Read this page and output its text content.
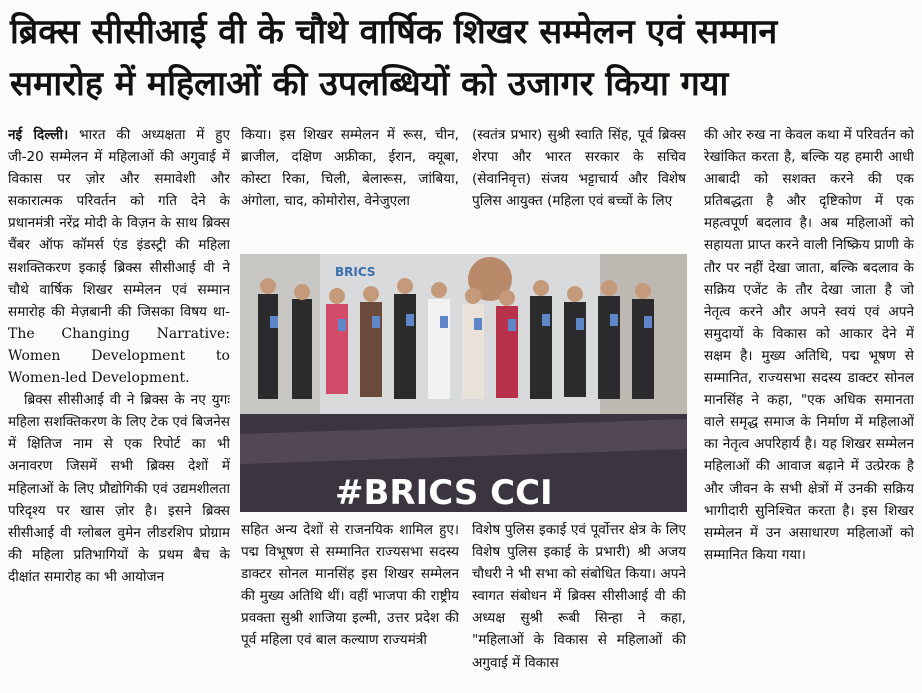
ब्रिक्स सीसीआई वी के चौथे वार्षिक शिखर सम्मेलन एवं सम्मान
समारोह में महिलाओं की उपलब्धियों को उजागर किया गया

नई दिल्ली। भारत की अध्यक्षता में हुए जी-20 सम्मेलन में महिलाओं की अगुवाई में विकास पर ज़ोर और समावेशी और सकारात्मक परिवर्तन को गति देने के प्रधानमंत्री नरेंद्र मोदी के विज़न के साथ ब्रिक्स चैंबर ऑफ कॉमर्स एंड इंडस्ट्री की महिला सशक्तिकरण इकाई ब्रिक्स सीसीआई वी ने चौथे वार्षिक शिखर सम्मेलन एवं सम्मान समारोह की मेज़बानी की जिसका विषय था- The Changing Narrative: Women Development to Women-led Development.

ब्रिक्स सीसीआई वी ने ब्रिक्स के नए युगः महिला सशक्तिकरण के लिए टेक एवं बिजनेस में क्षितिज नाम से एक रिपोर्ट का भी अनावरण जिसमें सभी ब्रिक्स देशों में महिलाओं के लिए प्रौद्योगिकी एवं उद्यमशीलता परिदृश्य पर खास ज़ोर है। इसने ब्रिक्स सीसीआई वी ग्लोबल वुमेन लीडरशिप प्रोग्राम की महिला प्रतिभागियों के प्रथम बैच के दीक्षांत समारोह का भी आयोजन

किया। इस शिखर सम्मेलन में रूस, चीन, ब्राजील, दक्षिण अफ्रीका, ईरान, क्यूबा, कोस्टा रिका, चिली, बेलारूस, जांबिया, अंगोला, चाद, कोमोरोस, वेनेजुएला

(स्वतंत्र प्रभार) सुश्री स्वाति सिंह, पूर्व ब्रिक्स शेरपा और भारत सरकार के सचिव (सेवानिवृत्त) संजय भट्टाचार्य और विशेष पुलिस आयुक्त (महिला एवं बच्चों के लिए

की ओर रुख ना केवल कथा में परिवर्तन को रेखांकित करता है, बल्कि यह हमारी आधी आबादी को सशक्त करने की एक प्रतिबद्धता है और दृष्टिकोण में एक महत्वपूर्ण बदलाव है। अब महिलाओं को सहायता प्राप्त करने वाली निष्क्रिय प्राणी के तौर पर नहीं देखा जाता, बल्कि बदलाव के सक्रिय एजेंट के तौर देखा जाता है जो नेतृत्व करने और अपने स्वयं एवं अपने समुदायों के विकास को आकार देने में सक्षम है। मुख्य अतिथि, पद्म भूषण से सम्मानित, राज्यसभा सदस्य डाक्टर सोनल मानसिंह ने कहा, "एक अधिक समानता वाले समृद्ध समाज के निर्माण में महिलाओं का नेतृत्व अपरिहार्य है। यह शिखर सम्मेलन महिलाओं की आवाज बढ़ाने में उत्प्रेरक है और जीवन के सभी क्षेत्रों में उनकी सक्रिय भागीदारी सुनिश्चित करता है। इस शिखर सम्मेलन में उन असाधारण महिलाओं को सम्मानित किया गया।

BRICS
#BRICS CCI

सहित अन्य देशों से राजनयिक शामिल हुए। पद्म विभूषण से सम्मानित राज्यसभा सदस्य डाक्टर सोनल मानसिंह इस शिखर सम्मेलन की मुख्य अतिथि थीं। वहीं भाजपा की राष्ट्रीय प्रवक्ता सुश्री शाजिया इल्मी, उत्तर प्रदेश की पूर्व महिला एवं बाल कल्याण राज्यमंत्री

विशेष पुलिस इकाई एवं पूर्वोत्तर क्षेत्र के लिए विशेष पुलिस इकाई के प्रभारी) श्री अजय चौधरी ने भी सभा को संबोधित किया। अपने स्वागत संबोधन में ब्रिक्स सीसीआई वी की अध्यक्ष सुश्री रूबी सिन्हा ने कहा, "महिलाओं के विकास से महिलाओं की अगुवाई में विकास
